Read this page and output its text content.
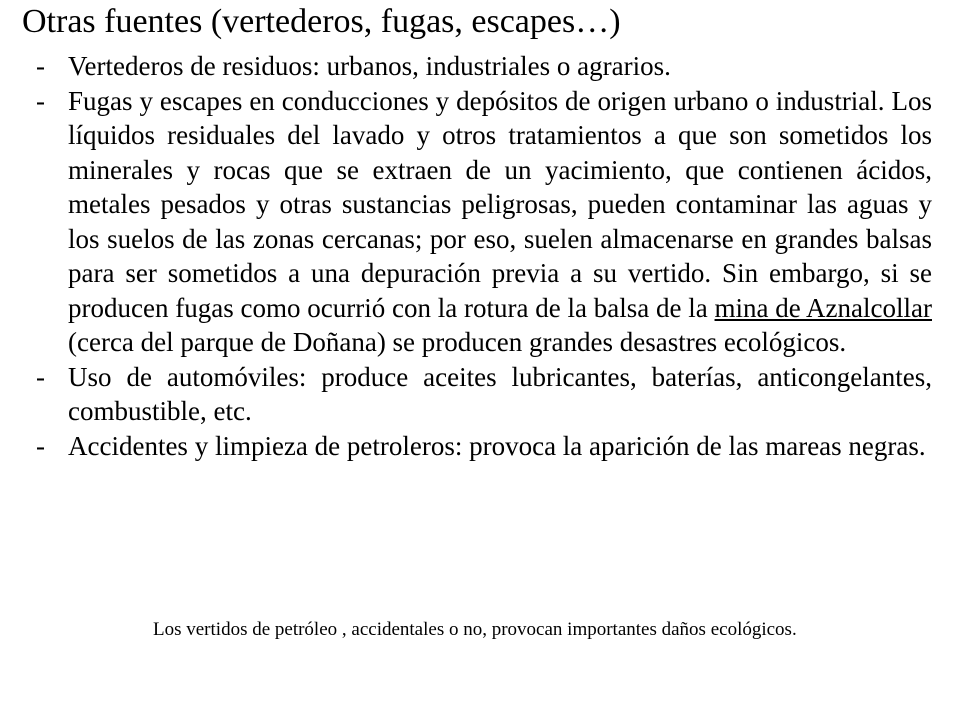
Otras fuentes (vertederos, fugas, escapes…)
- Vertederos de residuos: urbanos, industriales o agrarios.
- Fugas y escapes en conducciones y depósitos de origen urbano o industrial. Los líquidos residuales del lavado y otros tratamientos a que son sometidos los minerales y rocas que se extraen de un yacimiento, que contienen ácidos, metales pesados y otras sustancias peligrosas, pueden contaminar las aguas y los suelos de las zonas cercanas; por eso, suelen almacenarse en grandes balsas para ser sometidos a una depuración previa a su vertido. Sin embargo, si se producen fugas como ocurrió con la rotura de la balsa de la mina de Aznalcollar (cerca del parque de Doñana) se producen grandes desastres ecológicos.
- Uso de automóviles: produce aceites lubricantes, baterías, anticongelantes, combustible, etc.
- Accidentes y limpieza de petroleros: provoca la aparición de las mareas negras.
Los vertidos de petróleo , accidentales o no, provocan importantes daños ecológicos.
